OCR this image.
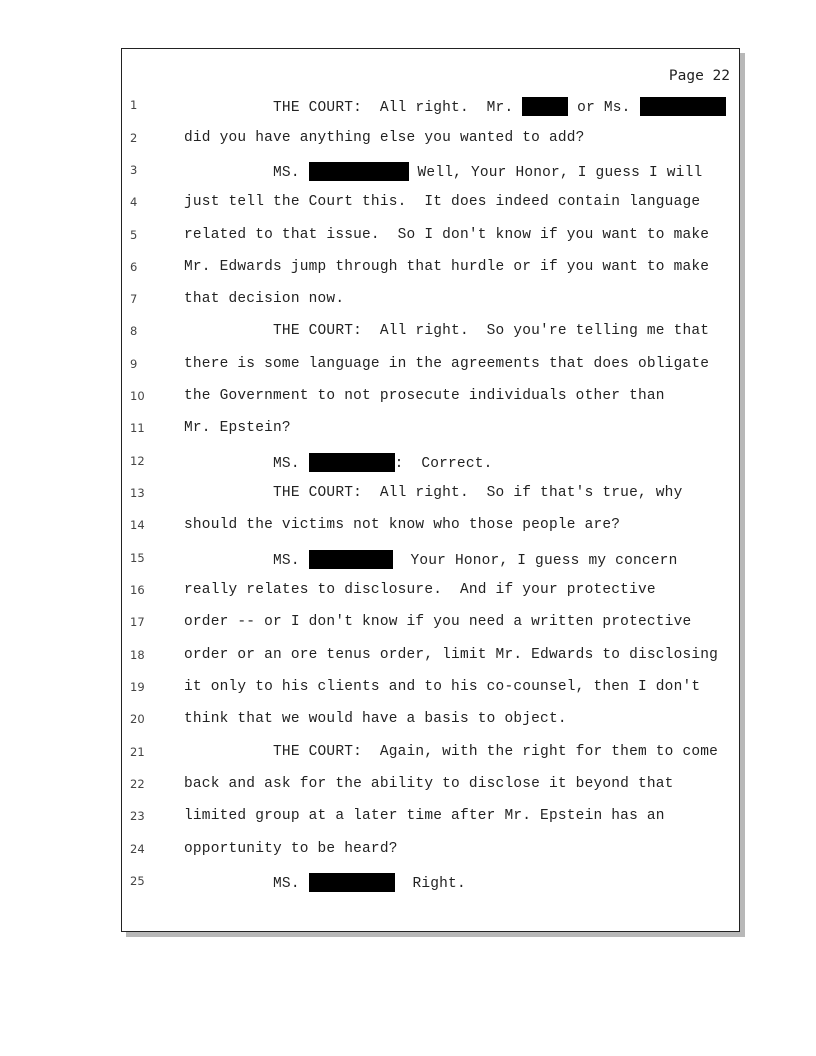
Page 22
1	THE COURT:  All right.  Mr.	or Ms.
2	did you have anything else you wanted to add?
3	MS.	Well, Your Honor, I guess I will
4	just tell the Court this.  It does indeed contain language
5	related to that issue.  So I don't know if you want to make
6	Mr. Edwards jump through that hurdle or if you want to make
7	that decision now.
8	THE COURT:  All right.  So you're telling me that
9	there is some language in the agreements that does obligate
10	the Government to not prosecute individuals other than
11	Mr. Epstein?
12	MS.	:  Correct.
13	THE COURT:  All right.  So if that's true, why
14	should the victims not know who those people are?
15	MS.	Your Honor, I guess my concern
16	really relates to disclosure.  And if your protective
17	order -- or I don't know if you need a written protective
18	order or an ore tenus order, limit Mr. Edwards to disclosing
19	it only to his clients and to his co-counsel, then I don't
20	think that we would have a basis to object.
21	THE COURT:  Again, with the right for them to come
22	back and ask for the ability to disclose it beyond that
23	limited group at a later time after Mr. Epstein has an
24	opportunity to be heard?
25	MS.	Right.
